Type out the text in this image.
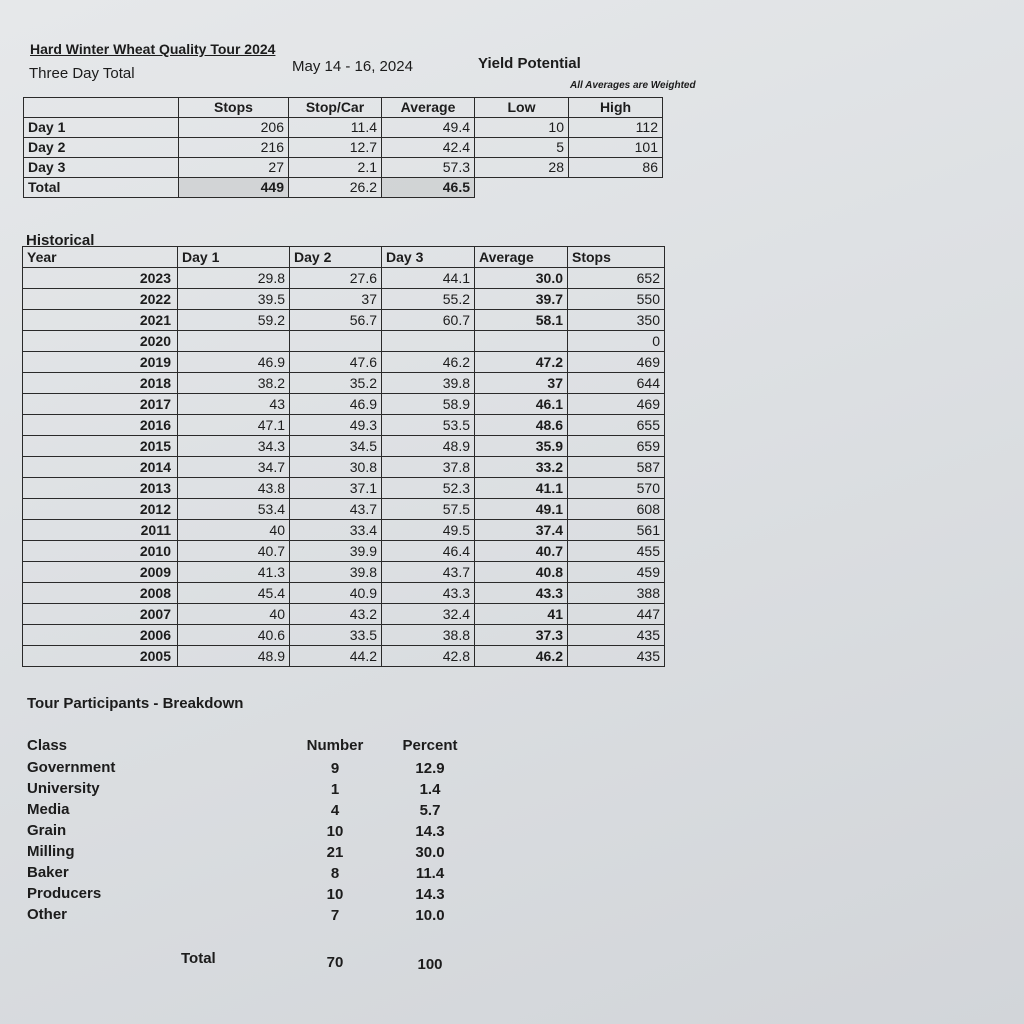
Hard Winter Wheat Quality Tour 2024
Three Day Total	May 14 - 16, 2024	Yield Potential
All Averages are Weighted
	Stops	Stop/Car	Average	Low	High
Day 1	206	11.4	49.4	10	112
Day 2	216	12.7	42.4	5	101
Day 3	27	2.1	57.3	28	86
Total	449	26.2	46.5		
Historical
Year	Day 1	Day 2	Day 3	Average	Stops
2023	29.8	27.6	44.1	30.0	652
2022	39.5	37	55.2	39.7	550
2021	59.2	56.7	60.7	58.1	350
2020					0
2019	46.9	47.6	46.2	47.2	469
2018	38.2	35.2	39.8	37	644
2017	43	46.9	58.9	46.1	469
2016	47.1	49.3	53.5	48.6	655
2015	34.3	34.5	48.9	35.9	659
2014	34.7	30.8	37.8	33.2	587
2013	43.8	37.1	52.3	41.1	570
2012	53.4	43.7	57.5	49.1	608
2011	40	33.4	49.5	37.4	561
2010	40.7	39.9	46.4	40.7	455
2009	41.3	39.8	43.7	40.8	459
2008	45.4	40.9	43.3	43.3	388
2007	40	43.2	32.4	41	447
2006	40.6	33.5	38.8	37.3	435
2005	48.9	44.2	42.8	46.2	435
Tour Participants - Breakdown
Class	Number	Percent
Government	9	12.9
University	1	1.4
Media	4	5.7
Grain	10	14.3
Milling	21	30.0
Baker	8	11.4
Producers	10	14.3
Other	7	10.0
Total	70	100
